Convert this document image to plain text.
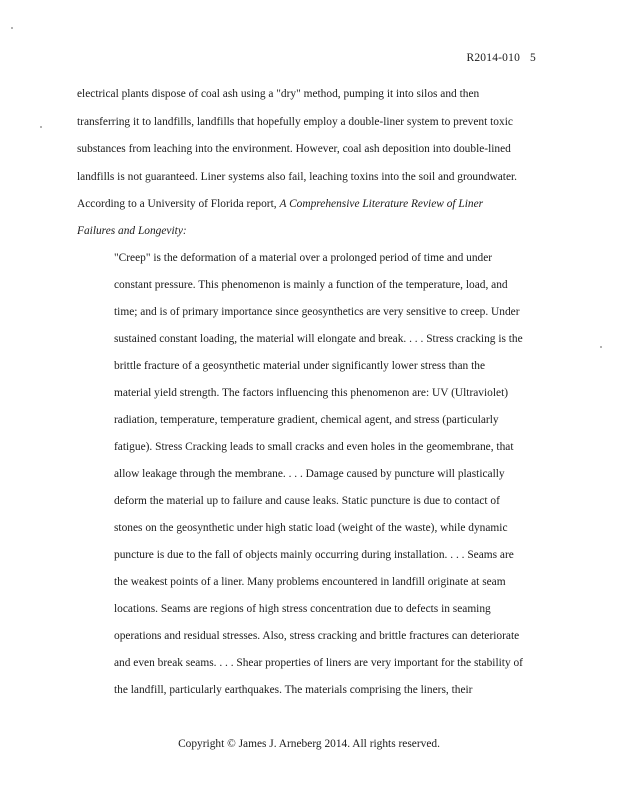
R2014-010 5
electrical plants dispose of coal ash using a "dry" method, pumping it into silos and then
transferring it to landfills, landfills that hopefully employ a double-liner system to prevent toxic
substances from leaching into the environment. However, coal ash deposition into double-lined
landfills is not guaranteed. Liner systems also fail, leaching toxins into the soil and groundwater.
According to a University of Florida report, A Comprehensive Literature Review of Liner
Failures and Longevity:
"Creep" is the deformation of a material over a prolonged period of time and under
constant pressure. This phenomenon is mainly a function of the temperature, load, and
time; and is of primary importance since geosynthetics are very sensitive to creep. Under
sustained constant loading, the material will elongate and break. . . . Stress cracking is the
brittle fracture of a geosynthetic material under significantly lower stress than the
material yield strength. The factors influencing this phenomenon are: UV (Ultraviolet)
radiation, temperature, temperature gradient, chemical agent, and stress (particularly
fatigue). Stress Cracking leads to small cracks and even holes in the geomembrane, that
allow leakage through the membrane. . . . Damage caused by puncture will plastically
deform the material up to failure and cause leaks. Static puncture is due to contact of
stones on the geosynthetic under high static load (weight of the waste), while dynamic
puncture is due to the fall of objects mainly occurring during installation. . . . Seams are
the weakest points of a liner. Many problems encountered in landfill originate at seam
locations. Seams are regions of high stress concentration due to defects in seaming
operations and residual stresses. Also, stress cracking and brittle fractures can deteriorate
and even break seams. . . . Shear properties of liners are very important for the stability of
the landfill, particularly earthquakes. The materials comprising the liners, their
Copyright © James J. Arneberg 2014. All rights reserved.
